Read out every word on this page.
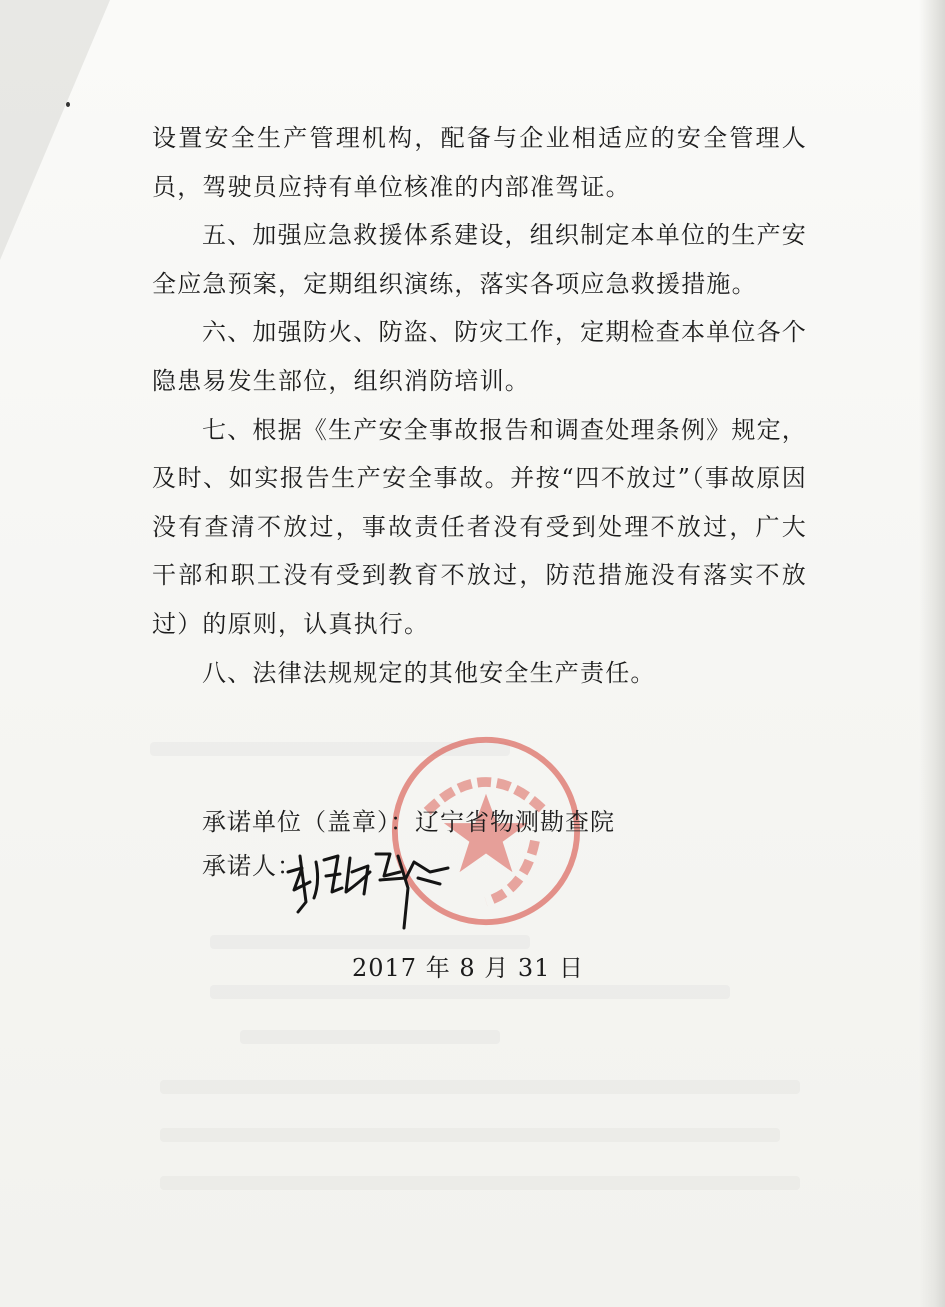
设置安全生产管理机构，配备与企业相适应的安全管理人员，驾驶员应持有单位核准的内部准驾证。

五、加强应急救援体系建设，组织制定本单位的生产安全应急预案，定期组织演练，落实各项应急救援措施。

六、加强防火、防盗、防灾工作，定期检查本单位各个隐患易发生部位，组织消防培训。

七、根据《生产安全事故报告和调查处理条例》规定，及时、如实报告生产安全事故。并按“四不放过”（事故原因没有查清不放过，事故责任者没有受到处理不放过，广大干部和职工没有受到教育不放过，防范措施没有落实不放过）的原则，认真执行。

八、法律法规规定的其他安全生产责任。

承诺单位（盖章）：辽宁省物测勘查院
承诺人：
2017 年 8 月 31 日
